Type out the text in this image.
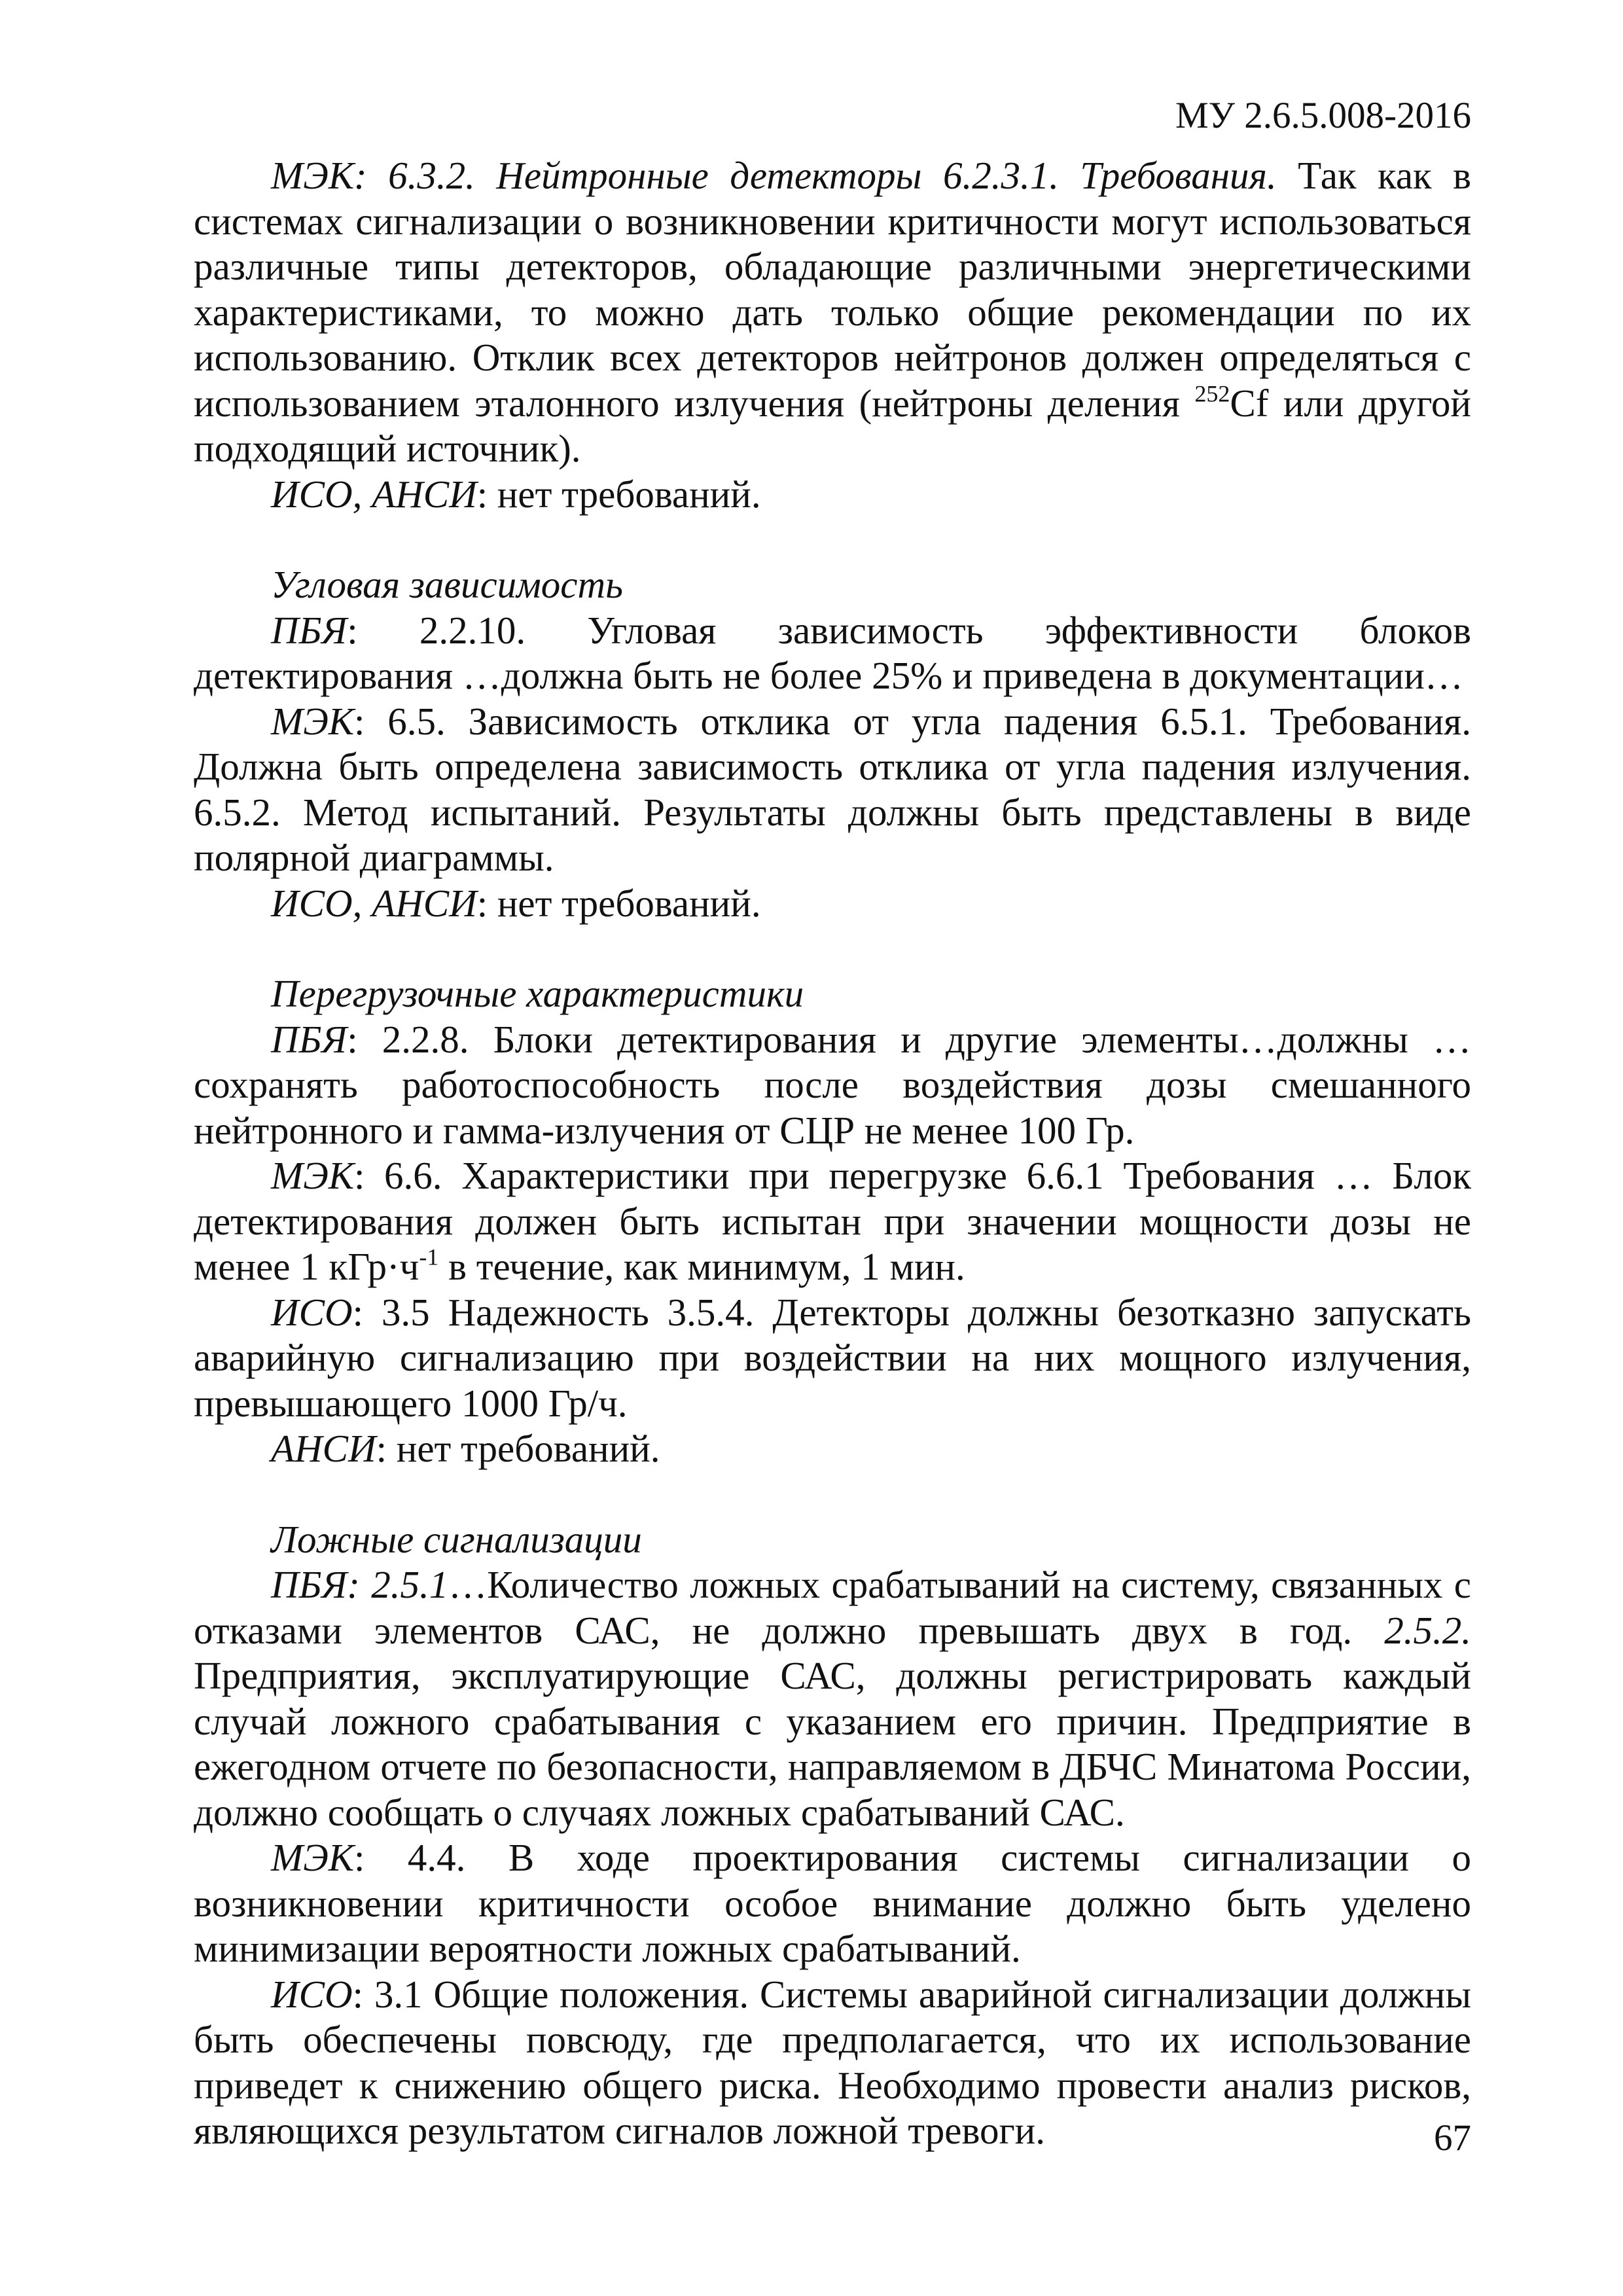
МУ 2.6.5.008-2016

МЭК: 6.3.2. Нейтронные детекторы 6.2.3.1. Требования. Так как в системах сигнализации о возникновении критичности могут использоваться различные типы детекторов, обладающие различными энергетическими характеристиками, то можно дать только общие рекомендации по их использованию. Отклик всех детекторов нейтронов должен определяться с использованием эталонного излучения (нейтроны деления $^{252}$Cf или другой подходящий источник).

ИСО, АНСИ: нет требований.

Угловая зависимость

ПБЯ: 2.2.10. Угловая зависимость эффективности блоков детектирования …должна быть не более 25% и приведена в документации…

МЭК: 6.5. Зависимость отклика от угла падения 6.5.1. Требования. Должна быть определена зависимость отклика от угла падения излучения. 6.5.2. Метод испытаний. Результаты должны быть представлены в виде полярной диаграммы.

ИСО, АНСИ: нет требований.

Перегрузочные характеристики

ПБЯ: 2.2.8. Блоки детектирования и другие элементы…должны … сохранять работоспособность после воздействия дозы смешанного нейтронного и гамма-излучения от СЦР не менее 100 Гр.

МЭК: 6.6. Характеристики при перегрузке 6.6.1 Требования … Блок детектирования должен быть испытан при значении мощности дозы не менее 1 $кГр\cdot ч^{-1}$ в течение, как минимум, 1 мин.

ИСО: 3.5 Надежность 3.5.4. Детекторы должны безотказно запускать аварийную сигнализацию при воздействии на них мощного излучения, превышающего 1000 Гр/ч.

АНСИ: нет требований.

Ложные сигнализации

ПБЯ: 2.5.1…Количество ложных срабатываний на систему, связанных с отказами элементов САС, не должно превышать двух в год. 2.5.2. Предприятия, эксплуатирующие САС, должны регистрировать каждый случай ложного срабатывания с указанием его причин. Предприятие в ежегодном отчете по безопасности, направляемом в ДБЧС Минатома России, должно сообщать о случаях ложных срабатываний САС.

МЭК: 4.4. В ходе проектирования системы сигнализации о возникновении критичности особое внимание должно быть уделено минимизации вероятности ложных срабатываний.

ИСО: 3.1 Общие положения. Системы аварийной сигнализации должны быть обеспечены повсюду, где предполагается, что их использование приведет к снижению общего риска. Необходимо провести анализ рисков, являющихся результатом сигналов ложной тревоги.	67
